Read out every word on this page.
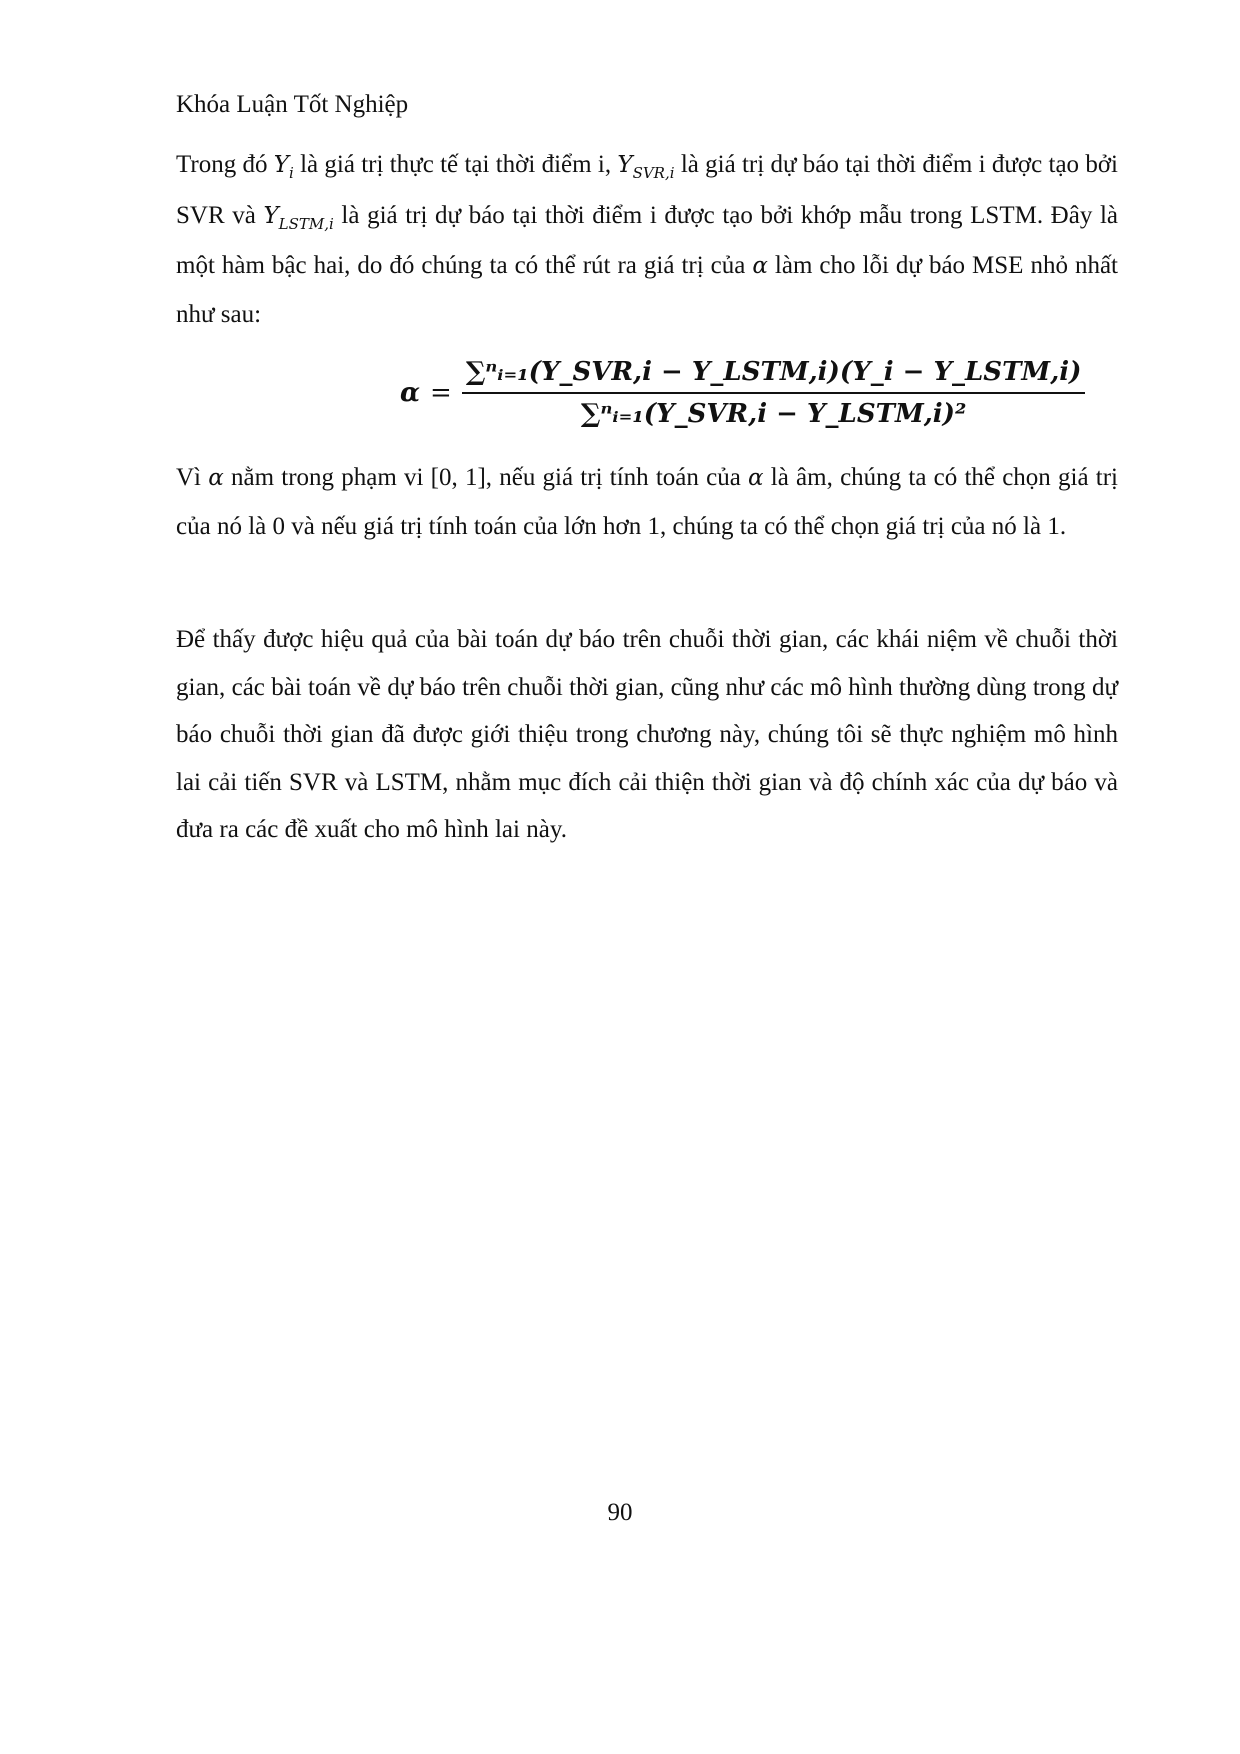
Khóa Luận Tốt Nghiệp
Trong đó $Y_i$ là giá trị thực tế tại thời điểm i, $Y_{SVR,i}$ là giá trị dự báo tại thời điểm i được tạo bởi SVR và $Y_{LSTM,i}$ là giá trị dự báo tại thời điểm i được tạo bởi khớp mẫu trong LSTM. Đây là một hàm bậc hai, do đó chúng ta có thể rút ra giá trị của α làm cho lỗi dự báo MSE nhỏ nhất như sau:
$\alpha = \frac{\text{∑ⁿᵢ₌₁(Y\_SVR,i − Y\_LSTM,i)(Y\_i − Y\_LSTM,i)}}{\text{∑ⁿᵢ₌₁(Y\_SVR,i − Y\_LSTM,i)²}}$
Vì α nằm trong phạm vi [0, 1], nếu giá trị tính toán của α là âm, chúng ta có thể chọn giá trị của nó là 0 và nếu giá trị tính toán của lớn hơn 1, chúng ta có thể chọn giá trị của nó là 1.
Để thấy được hiệu quả của bài toán dự báo trên chuỗi thời gian, các khái niệm về chuỗi thời gian, các bài toán về dự báo trên chuỗi thời gian, cũng như các mô hình thường dùng trong dự báo chuỗi thời gian đã được giới thiệu trong chương này, chúng tôi sẽ thực nghiệm mô hình lai cải tiến SVR và LSTM, nhằm mục đích cải thiện thời gian và độ chính xác của dự báo và đưa ra các đề xuất cho mô hình lai này.
90
